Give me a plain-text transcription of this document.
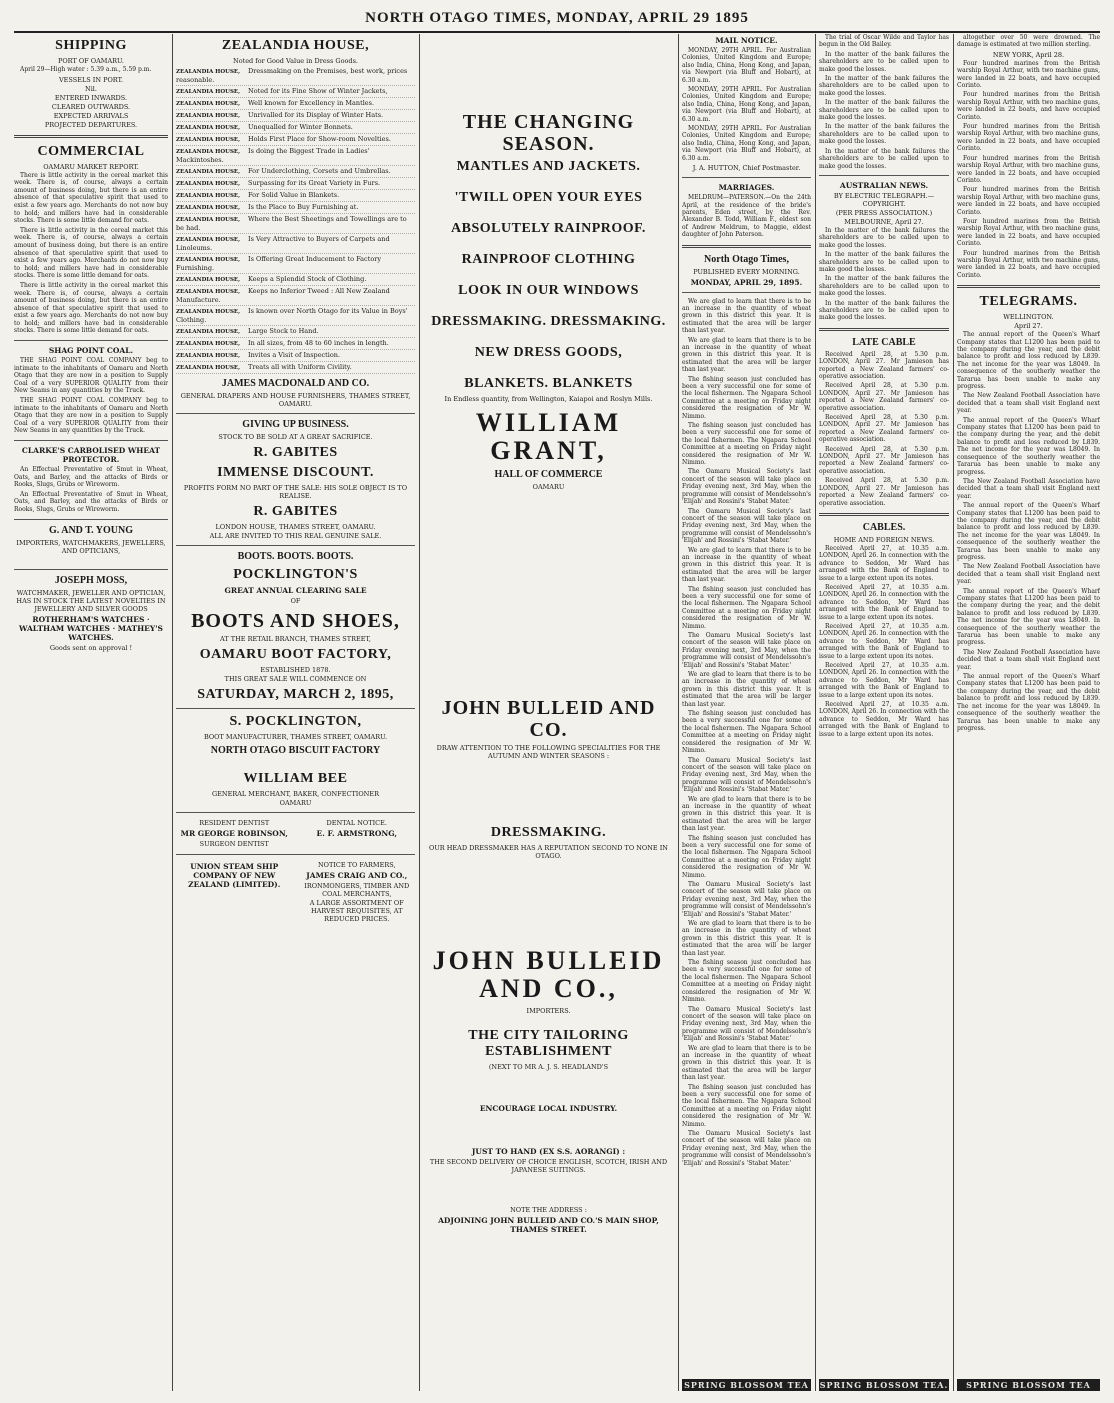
NORTH OTAGO TIMES, MONDAY, APRIL 29 1895
SHIPPING
PORT OF OAMARU.

April 29—High water : 5.39 a.m., 5.59 p.m.

VESSELS IN PORT.
Nil.
ENTERED INWARDS.
CLEARED OUTWARDS.
EXPECTED ARRIVALS
PROJECTED DEPARTURES.
COMMERCIAL
OAMARU MARKET REPORT.

There is little activity in the cereal market this week. There is, of course, always a certain amount of business doing, but there is an entire absence of that speculative spirit that used to exist a few years ago. Merchants do not now buy to hold; and millers have had in considerable stocks. There is some little demand for oats.

There is little activity in the cereal market this week. There is, of course, always a certain amount of business doing, but there is an entire absence of that speculative spirit that used to exist a few years ago. Merchants do not now buy to hold; and millers have had in considerable stocks. There is some little demand for oats.

There is little activity in the cereal market this week. There is, of course, always a certain amount of business doing, but there is an entire absence of that speculative spirit that used to exist a few years ago. Merchants do not now buy to hold; and millers have had in considerable stocks. There is some little demand for oats.

SHAG POINT COAL.

THE SHAG POINT COAL COMPANY beg to intimate to the inhabitants of Oamaru and North Otago that they are now in a position to Supply Coal of a very SUPERIOR QUALITY from their New Seams in any quantities by the Truck.

THE SHAG POINT COAL COMPANY beg to intimate to the inhabitants of Oamaru and North Otago that they are now in a position to Supply Coal of a very SUPERIOR QUALITY from their New Seams in any quantities by the Truck.

CLARKE'S CARBOLISED WHEAT PROTECTOR.

An Effectual Preventative of Smut in Wheat, Oats, and Barley, and the attacks of Birds or Rooks, Slugs, Grubs or Wireworm.

An Effectual Preventative of Smut in Wheat, Oats, and Barley, and the attacks of Birds or Rooks, Slugs, Grubs or Wireworm.

G. AND T. YOUNG
IMPORTERS, WATCHMAKERS, JEWELLERS, AND OPTICIANS,
JOSEPH MOSS,
WATCHMAKER, JEWELLER AND OPTICIAN, HAS IN STOCK THE LATEST NOVELTIES IN JEWELLERY AND SILVER GOODS
ROTHERHAM'S WATCHES · WALTHAM WATCHES · MATHEY'S WATCHES.
Goods sent on approval !
ZEALANDIA HOUSE,
Noted for Good Value in Dress Goods.
ZEALANDIA HOUSE, Dressmaking on the Premises, best work, prices reasonable.
ZEALANDIA HOUSE, Noted for its Fine Show of Winter Jackets,
ZEALANDIA HOUSE, Well known for Excellency in Mantles.
ZEALANDIA HOUSE, Unrivalled for its Display of Winter Hats.
ZEALANDIA HOUSE, Unequalled for Winter Bonnets.
ZEALANDIA HOUSE, Holds First Place for Show-room Novelties.
ZEALANDIA HOUSE, Is doing the Biggest Trade in Ladies' Mackintoshes.
ZEALANDIA HOUSE, For Underclothing, Corsets and Umbrellas.
ZEALANDIA HOUSE, Surpassing for its Great Variety in Furs.
ZEALANDIA HOUSE, For Solid Value in Blankets.
ZEALANDIA HOUSE, Is the Place to Buy Furnishing at.
ZEALANDIA HOUSE, Where the Best Sheetings and Towellings are to be had.
ZEALANDIA HOUSE, Is Very Attractive to Buyers of Carpets and Linoleums.
ZEALANDIA HOUSE, Is Offering Great Inducement to Factory Furnishing.
ZEALANDIA HOUSE, Keeps a Splendid Stock of Clothing.
ZEALANDIA HOUSE, Keeps no Inferior Tweed : All New Zealand Manufacture.
ZEALANDIA HOUSE, Is known over North Otago for its Value in Boys' Clothing.
ZEALANDIA HOUSE, Large Stock to Hand.
ZEALANDIA HOUSE, In all sizes, from 48 to 60 inches in length.
ZEALANDIA HOUSE, Invites a Visit of Inspection.
ZEALANDIA HOUSE, Treats all with Uniform Civility.
JAMES MACDONALD AND CO.
GENERAL DRAPERS AND HOUSE FURNISHERS, THAMES STREET, OAMARU.
GIVING UP BUSINESS.
STOCK TO BE SOLD AT A GREAT SACRIFICE.
R. GABITES
IMMENSE DISCOUNT.
PROFITS FORM NO PART OF THE SALE: HIS SOLE OBJECT IS TO REALISE.
R. GABITES
LONDON HOUSE, THAMES STREET, OAMARU.
ALL ARE INVITED TO THIS REAL GENUINE SALE.
BOOTS. BOOTS. BOOTS.
POCKLINGTON'S
GREAT ANNUAL CLEARING SALE
OF
BOOTS AND SHOES,
AT THE RETAIL BRANCH, THAMES STREET,
OAMARU BOOT FACTORY,
ESTABLISHED 1878.
THIS GREAT SALE WILL COMMENCE ON
SATURDAY, MARCH 2, 1895,
S. POCKLINGTON,
BOOT MANUFACTURER, THAMES STREET, OAMARU.
NORTH OTAGO BISCUIT FACTORY
WILLIAM BEE
GENERAL MERCHANT, BAKER, CONFECTIONER
OAMARU
RESIDENT DENTIST
MR GEORGE ROBINSON,
SURGEON DENTIST
DENTAL NOTICE.
E. F. ARMSTRONG,
UNION STEAM SHIP COMPANY OF NEW ZEALAND (LIMITED).
NOTICE TO FARMERS,
JAMES CRAIG AND CO.,
IRONMONGERS, TIMBER AND COAL MERCHANTS,
A LARGE ASSORTMENT OF HARVEST REQUISITES, AT REDUCED PRICES.
THE CHANGING SEASON.
MANTLES AND JACKETS.
'TWILL OPEN YOUR EYES
ABSOLUTELY RAINPROOF.
RAINPROOF CLOTHING
LOOK IN OUR WINDOWS
DRESSMAKING. DRESSMAKING.
NEW DRESS GOODS,
BLANKETS. BLANKETS
In Endless quantity, from Wellington, Kaiapoi and Roslyn Mills.
WILLIAM GRANT,
HALL OF COMMERCE
OAMARU
JOHN BULLEID AND CO.
DRAW ATTENTION TO THE FOLLOWING SPECIALITIES FOR THE AUTUMN AND WINTER SEASONS :
DRESSMAKING.
OUR HEAD DRESSMAKER HAS A REPUTATION SECOND TO NONE IN OTAGO.
JOHN BULLEID AND CO.,
IMPORTERS.
THE CITY TAILORING ESTABLISHMENT
(NEXT TO MR A. J. S. HEADLAND'S
ENCOURAGE LOCAL INDUSTRY.
JUST TO HAND (EX S.S. AORANGI) :
THE SECOND DELIVERY OF CHOICE ENGLISH, SCOTCH, IRISH AND JAPANESE SUITINGS.
NOTE THE ADDRESS :
ADJOINING JOHN BULLEID AND CO.'S MAIN SHOP, THAMES STREET.
MAIL NOTICE.

MONDAY, 29TH APRIL. For Australian Colonies, United Kingdom and Europe; also India, China, Hong Kong, and Japan, via Newport (via Bluff and Hobart), at 6.30 a.m.

MONDAY, 29TH APRIL. For Australian Colonies, United Kingdom and Europe; also India, China, Hong Kong, and Japan, via Newport (via Bluff and Hobart), at 6.30 a.m.

MONDAY, 29TH APRIL. For Australian Colonies, United Kingdom and Europe; also India, China, Hong Kong, and Japan, via Newport (via Bluff and Hobart), at 6.30 a.m.

J. A. HUTTON, Chief Postmaster.
MARRIAGES.

MELDRUM—PATERSON.—On the 24th April, at the residence of the bride's parents, Eden street, by the Rev. Alexander B. Todd, William F., eldest son of Andrew Meldrum, to Maggie, eldest daughter of John Paterson.

North Otago Times,
PUBLISHED EVERY MORNING.
MONDAY, APRIL 29, 1895.

We are glad to learn that there is to be an increase in the quantity of wheat grown in this district this year. It is estimated that the area will be larger than last year.

We are glad to learn that there is to be an increase in the quantity of wheat grown in this district this year. It is estimated that the area will be larger than last year.

The fishing season just concluded has been a very successful one for some of the local fishermen. The Ngapara School Committee at a meeting on Friday night considered the resignation of Mr W. Nimmo.

The fishing season just concluded has been a very successful one for some of the local fishermen. The Ngapara School Committee at a meeting on Friday night considered the resignation of Mr W. Nimmo.

The Oamaru Musical Society's last concert of the season will take place on Friday evening next, 3rd May, when the programme will consist of Mendelssohn's 'Elijah' and Rossini's 'Stabat Mater.'

The Oamaru Musical Society's last concert of the season will take place on Friday evening next, 3rd May, when the programme will consist of Mendelssohn's 'Elijah' and Rossini's 'Stabat Mater.'

We are glad to learn that there is to be an increase in the quantity of wheat grown in this district this year. It is estimated that the area will be larger than last year.

The fishing season just concluded has been a very successful one for some of the local fishermen. The Ngapara School Committee at a meeting on Friday night considered the resignation of Mr W. Nimmo.

The Oamaru Musical Society's last concert of the season will take place on Friday evening next, 3rd May, when the programme will consist of Mendelssohn's 'Elijah' and Rossini's 'Stabat Mater.'

We are glad to learn that there is to be an increase in the quantity of wheat grown in this district this year. It is estimated that the area will be larger than last year.

The fishing season just concluded has been a very successful one for some of the local fishermen. The Ngapara School Committee at a meeting on Friday night considered the resignation of Mr W. Nimmo.

The Oamaru Musical Society's last concert of the season will take place on Friday evening next, 3rd May, when the programme will consist of Mendelssohn's 'Elijah' and Rossini's 'Stabat Mater.'

We are glad to learn that there is to be an increase in the quantity of wheat grown in this district this year. It is estimated that the area will be larger than last year.

The fishing season just concluded has been a very successful one for some of the local fishermen. The Ngapara School Committee at a meeting on Friday night considered the resignation of Mr W. Nimmo.

The Oamaru Musical Society's last concert of the season will take place on Friday evening next, 3rd May, when the programme will consist of Mendelssohn's 'Elijah' and Rossini's 'Stabat Mater.'

We are glad to learn that there is to be an increase in the quantity of wheat grown in this district this year. It is estimated that the area will be larger than last year.

The fishing season just concluded has been a very successful one for some of the local fishermen. The Ngapara School Committee at a meeting on Friday night considered the resignation of Mr W. Nimmo.

The Oamaru Musical Society's last concert of the season will take place on Friday evening next, 3rd May, when the programme will consist of Mendelssohn's 'Elijah' and Rossini's 'Stabat Mater.'

We are glad to learn that there is to be an increase in the quantity of wheat grown in this district this year. It is estimated that the area will be larger than last year.

The fishing season just concluded has been a very successful one for some of the local fishermen. The Ngapara School Committee at a meeting on Friday night considered the resignation of Mr W. Nimmo.

The Oamaru Musical Society's last concert of the season will take place on Friday evening next, 3rd May, when the programme will consist of Mendelssohn's 'Elijah' and Rossini's 'Stabat Mater.'

SPRING BLOSSOM TEA

The trial of Oscar Wilde and Taylor has begun in the Old Bailey.

In the matter of the bank failures the shareholders are to be called upon to make good the losses.

In the matter of the bank failures the shareholders are to be called upon to make good the losses.

In the matter of the bank failures the shareholders are to be called upon to make good the losses.

In the matter of the bank failures the shareholders are to be called upon to make good the losses.

In the matter of the bank failures the shareholders are to be called upon to make good the losses.

AUSTRALIAN NEWS.
BY ELECTRIC TELEGRAPH.—COPYRIGHT.
(PER PRESS ASSOCIATION.)
MELBOURNE, April 27.

In the matter of the bank failures the shareholders are to be called upon to make good the losses.

In the matter of the bank failures the shareholders are to be called upon to make good the losses.

In the matter of the bank failures the shareholders are to be called upon to make good the losses.

In the matter of the bank failures the shareholders are to be called upon to make good the losses.

LATE CABLE

Received April 28, at 5.30 p.m. LONDON, April 27. Mr Jamieson has reported a New Zealand farmers' co-operative association.

Received April 28, at 5.30 p.m. LONDON, April 27. Mr Jamieson has reported a New Zealand farmers' co-operative association.

Received April 28, at 5.30 p.m. LONDON, April 27. Mr Jamieson has reported a New Zealand farmers' co-operative association.

Received April 28, at 5.30 p.m. LONDON, April 27. Mr Jamieson has reported a New Zealand farmers' co-operative association.

Received April 28, at 5.30 p.m. LONDON, April 27. Mr Jamieson has reported a New Zealand farmers' co-operative association.

CABLES.
HOME AND FOREIGN NEWS.

Received April 27, at 10.35 a.m. LONDON, April 26. In connection with the advance to Seddon, Mr Ward has arranged with the Bank of England to issue to a large extent upon its notes.

Received April 27, at 10.35 a.m. LONDON, April 26. In connection with the advance to Seddon, Mr Ward has arranged with the Bank of England to issue to a large extent upon its notes.

Received April 27, at 10.35 a.m. LONDON, April 26. In connection with the advance to Seddon, Mr Ward has arranged with the Bank of England to issue to a large extent upon its notes.

Received April 27, at 10.35 a.m. LONDON, April 26. In connection with the advance to Seddon, Mr Ward has arranged with the Bank of England to issue to a large extent upon its notes.

Received April 27, at 10.35 a.m. LONDON, April 26. In connection with the advance to Seddon, Mr Ward has arranged with the Bank of England to issue to a large extent upon its notes.

SPRING BLOSSOM TEA.

altogether over 50 were drowned. The damage is estimated at two million sterling.

NEW YORK, April 28.

Four hundred marines from the British warship Royal Arthur, with two machine guns, were landed in 22 boats, and have occupied Corinto.

Four hundred marines from the British warship Royal Arthur, with two machine guns, were landed in 22 boats, and have occupied Corinto.

Four hundred marines from the British warship Royal Arthur, with two machine guns, were landed in 22 boats, and have occupied Corinto.

Four hundred marines from the British warship Royal Arthur, with two machine guns, were landed in 22 boats, and have occupied Corinto.

Four hundred marines from the British warship Royal Arthur, with two machine guns, were landed in 22 boats, and have occupied Corinto.

Four hundred marines from the British warship Royal Arthur, with two machine guns, were landed in 22 boats, and have occupied Corinto.

Four hundred marines from the British warship Royal Arthur, with two machine guns, were landed in 22 boats, and have occupied Corinto.

TELEGRAMS.
WELLINGTON.
April 27.

The annual report of the Queen's Wharf Company states that L1200 has been paid to the company during the year, and the debit balance to profit and loss reduced by L839. The net income for the year was L8049. In consequence of the southerly weather the Tararua has been unable to make any progress.

The New Zealand Football Association have decided that a team shall visit England next year.

The annual report of the Queen's Wharf Company states that L1200 has been paid to the company during the year, and the debit balance to profit and loss reduced by L839. The net income for the year was L8049. In consequence of the southerly weather the Tararua has been unable to make any progress.

The New Zealand Football Association have decided that a team shall visit England next year.

The annual report of the Queen's Wharf Company states that L1200 has been paid to the company during the year, and the debit balance to profit and loss reduced by L839. The net income for the year was L8049. In consequence of the southerly weather the Tararua has been unable to make any progress.

The New Zealand Football Association have decided that a team shall visit England next year.

The annual report of the Queen's Wharf Company states that L1200 has been paid to the company during the year, and the debit balance to profit and loss reduced by L839. The net income for the year was L8049. In consequence of the southerly weather the Tararua has been unable to make any progress.

The New Zealand Football Association have decided that a team shall visit England next year.

The annual report of the Queen's Wharf Company states that L1200 has been paid to the company during the year, and the debit balance to profit and loss reduced by L839. The net income for the year was L8049. In consequence of the southerly weather the Tararua has been unable to make any progress.

SPRING BLOSSOM TEA
